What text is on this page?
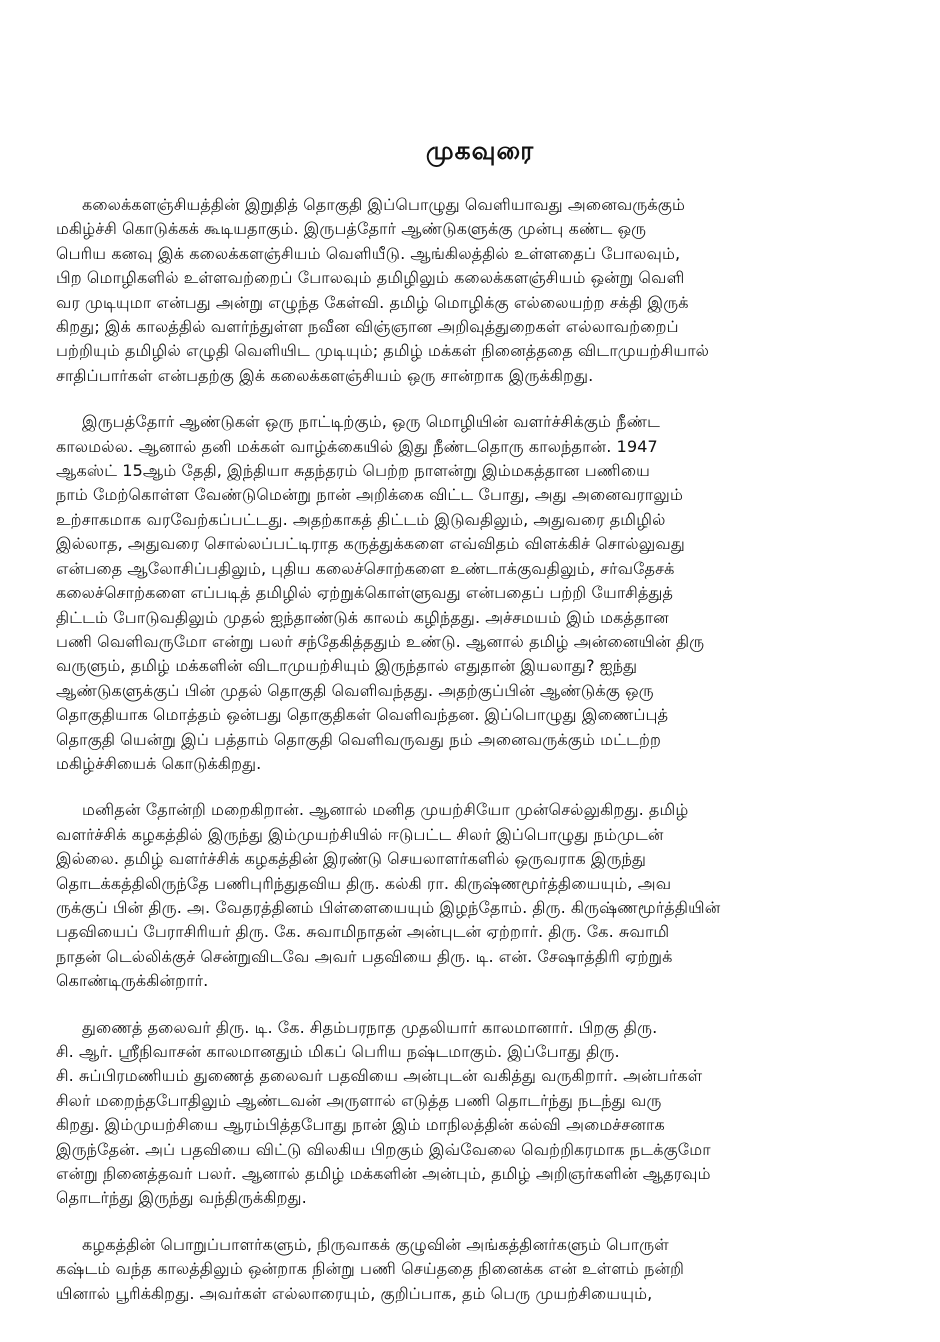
முகவுரை
கலைக்களஞ்சியத்தின் இறுதித் தொகுதி இப்பொழுது வெளியாவது அனைவருக்கும்
மகிழ்ச்சி கொடுக்கக் கூடியதாகும். இருபத்தோர் ஆண்டுகளுக்கு முன்பு கண்ட ஒரு
பெரிய கனவு இக் கலைக்களஞ்சியம் வெளியீடு. ஆங்கிலத்தில் உள்ளதைப் போலவும்,
பிற மொழிகளில் உள்ளவற்றைப் போலவும் தமிழிலும் கலைக்களஞ்சியம் ஒன்று வெளி
வர முடியுமா என்பது அன்று எழுந்த கேள்வி. தமிழ் மொழிக்கு எல்லையற்ற சக்தி இருக்
கிறது; இக் காலத்தில் வளர்ந்துள்ள நவீன விஞ்ஞான அறிவுத்துறைகள் எல்லாவற்றைப்
பற்றியும் தமிழில் எழுதி வெளியிட முடியும்; தமிழ் மக்கள் நினைத்ததை விடாமுயற்சியால்
சாதிப்பார்கள் என்பதற்கு இக் கலைக்களஞ்சியம் ஒரு சான்றாக இருக்கிறது.
இருபத்தோர் ஆண்டுகள் ஒரு நாட்டிற்கும், ஒரு மொழியின் வளர்ச்சிக்கும் நீண்ட
காலமல்ல. ஆனால் தனி மக்கள் வாழ்க்கையில் இது நீண்டதொரு காலந்தான். 1947
ஆகஸ்ட் 15ஆம் தேதி, இந்தியா சுதந்தரம் பெற்ற நாளன்று இம்மகத்தான பணியை
நாம் மேற்கொள்ள வேண்டுமென்று நான் அறிக்கை விட்ட போது, அது அனைவராலும்
உற்சாகமாக வரவேற்கப்பட்டது. அதற்காகத் திட்டம் இடுவதிலும், அதுவரை தமிழில்
இல்லாத, அதுவரை சொல்லப்பட்டிராத கருத்துக்களை எவ்விதம் விளக்கிச் சொல்லுவது
என்பதை ஆலோசிப்பதிலும், புதிய கலைச்சொற்களை உண்டாக்குவதிலும், சர்வதேசக்
கலைச்சொற்களை எப்படித் தமிழில் ஏற்றுக்கொள்ளுவது என்பதைப் பற்றி யோசித்துத்
திட்டம் போடுவதிலும் முதல் ஐந்தாண்டுக் காலம் கழிந்தது. அச்சமயம் இம் மகத்தான
பணி வெளிவருமோ என்று பலர் சந்தேகித்ததும் உண்டு. ஆனால் தமிழ் அன்னையின் திரு
வருளும், தமிழ் மக்களின் விடாமுயற்சியும் இருந்தால் எதுதான் இயலாது? ஐந்து
ஆண்டுகளுக்குப் பின் முதல் தொகுதி வெளிவந்தது. அதற்குப்பின் ஆண்டுக்கு ஒரு
தொகுதியாக மொத்தம் ஒன்பது தொகுதிகள் வெளிவந்தன. இப்பொழுது இணைப்புத்
தொகுதி யென்று இப் பத்தாம் தொகுதி வெளிவருவது நம் அனைவருக்கும் மட்டற்ற
மகிழ்ச்சியைக் கொடுக்கிறது.
மனிதன் தோன்றி மறைகிறான். ஆனால் மனித முயற்சியோ முன்செல்லுகிறது. தமிழ்
வளர்ச்சிக் கழகத்தில் இருந்து இம்முயற்சியில் ஈடுபட்ட சிலர் இப்பொழுது நம்முடன்
இல்லை. தமிழ் வளர்ச்சிக் கழகத்தின் இரண்டு செயலாளர்களில் ஒருவராக இருந்து
தொடக்கத்திலிருந்தே பணிபுரிந்துதவிய திரு. கல்கி ரா. கிருஷ்ணமூர்த்தியையும், அவ
ருக்குப் பின் திரு. அ. வேதரத்தினம் பிள்ளையையும் இழந்தோம். திரு. கிருஷ்ணமூர்த்தியின்
பதவியைப் பேராசிரியர் திரு. கே. சுவாமிநாதன் அன்புடன் ஏற்றார். திரு. கே. சுவாமி
நாதன் டெல்லிக்குச் சென்றுவிடவே அவர் பதவியை திரு. டி. என். சேஷாத்திரி ஏற்றுக்
கொண்டிருக்கின்றார்.
துணைத் தலைவர் திரு. டி. கே. சிதம்பரநாத முதலியார் காலமானார். பிறகு திரு.
சி. ஆர். ஸ்ரீநிவாசன் காலமானதும் மிகப் பெரிய நஷ்டமாகும். இப்போது திரு.
சி. சுப்பிரமணியம் துணைத் தலைவர் பதவியை அன்புடன் வகித்து வருகிறார். அன்பர்கள்
சிலர் மறைந்தபோதிலும் ஆண்டவன் அருளால் எடுத்த பணி தொடர்ந்து நடந்து வரு
கிறது. இம்முயற்சியை ஆரம்பித்தபோது நான் இம் மாநிலத்தின் கல்வி அமைச்சனாக
இருந்தேன். அப் பதவியை விட்டு விலகிய பிறகும் இவ்வேலை வெற்றிகரமாக நடக்குமோ
என்று நினைத்தவர் பலர். ஆனால் தமிழ் மக்களின் அன்பும், தமிழ் அறிஞர்களின் ஆதரவும்
தொடர்ந்து இருந்து வந்திருக்கிறது.
கழகத்தின் பொறுப்பாளர்களும், நிருவாகக் குழுவின் அங்கத்தினர்களும் பொருள்
கஷ்டம் வந்த காலத்திலும் ஒன்றாக நின்று பணி செய்ததை நினைக்க என் உள்ளம் நன்றி
யினால் பூரிக்கிறது. அவர்கள் எல்லாரையும், குறிப்பாக, தம் பெரு முயற்சியையும்,
